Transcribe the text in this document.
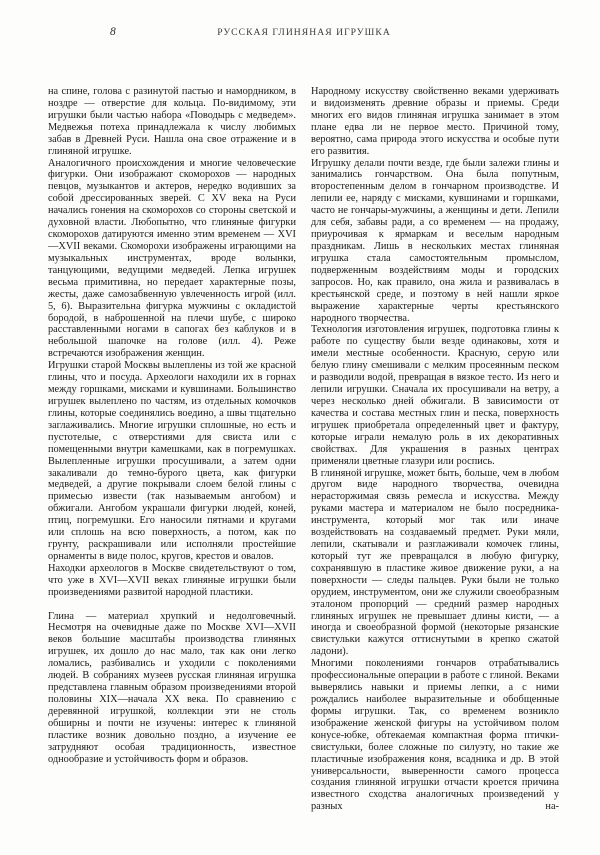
8	РУССКАЯ ГЛИНЯНАЯ ИГРУШКА

на спине, голова с разинутой пастью и намордником, в ноздре — отверстие для кольца. По-видимому, эти игрушки были частью набора «Поводырь с медведем». Медвежья потеха принадлежала к числу любимых забав в Древней Руси. Нашла она свое отражение и в глиняной игрушке.

Аналогичного происхождения и многие человеческие фигурки. Они изображают скоморохов — народных певцов, музыкантов и актеров, нередко водивших за собой дрессированных зверей. С XV века на Руси начались гонения на скоморохов со стороны светской и духовной власти. Любопытно, что глиняные фигурки скоморохов датируются именно этим временем — XVI—XVII веками. Скоморохи изображены играющими на музыкальных инструментах, вроде волынки, танцующими, ведущими медведей. Лепка игрушек весьма примитивна, но передает характерные позы, жесты, даже самозабвенную увлеченность игрой (илл. 5, 6). Выразительна фигурка мужчины с окладистой бородой, в наброшенной на плечи шубе, с широко расставленными ногами в сапогах без каблуков и в небольшой шапочке на голове (илл. 4). Реже встречаются изображения женщин.

Игрушки старой Москвы вылеплены из той же красной глины, что и посуда. Археологи находили их в горнах между горшками, мисками и кувшинами. Большинство игрушек вылеплено по частям, из отдельных комочков глины, которые соединялись воедино, а швы тщательно заглаживались. Многие игрушки сплошные, но есть и пустотелые, с отверстиями для свиста или с помещенными внутри камешками, как в погремушках. Вылепленные игрушки просушивали, а затем одни закаливали до темно-бурого цвета, как фигурки медведей, а другие покрывали слоем белой глины с примесью извести (так называемым ангобом) и обжигали. Ангобом украшали фигурки людей, коней, птиц, погремушки. Его наносили пятнами и кругами или сплошь на всю поверхность, а потом, как по грунту, раскрашивали или исполняли простейшие орнаменты в виде полос, кругов, крестов и овалов.

Находки археологов в Москве свидетельствуют о том, что уже в XVI—XVII веках глиняные игрушки были произведениями развитой народной пластики.

Глина — материал хрупкий и недолговечный. Несмотря на очевидные даже по Москве XVI—XVII веков большие масштабы производства глиняных игрушек, их дошло до нас мало, так как они легко ломались, разбивались и уходили с поколениями людей. В собраниях музеев русская глиняная игрушка представлена главным образом произведениями второй половины XIX—начала XX века. По сравнению с деревянной игрушкой, коллекции эти не столь обширны и почти не изучены: интерес к глиняной пластике возник довольно поздно, а изучение ее затрудняют особая традиционность, известное однообразие и устойчивость форм и образов.

Народному искусству свойственно веками удерживать и видоизменять древние образы и приемы. Среди многих его видов глиняная игрушка занимает в этом плане едва ли не первое место. Причиной тому, вероятно, сама природа этого искусства и особые пути его развития.

Игрушку делали почти везде, где были залежи глины и занимались гончарством. Она была попутным, второстепенным делом в гончарном производстве. И лепили ее, наряду с мисками, кувшинами и горшками, часто не гончары-мужчины, а женщины и дети. Лепили для себя, забавы ради, а со временем — на продажу, приурочивая к ярмаркам и веселым народным праздникам. Лишь в нескольких местах глиняная игрушка стала самостоятельным промыслом, подверженным воздействиям моды и городских запросов. Но, как правило, она жила и развивалась в крестьянской среде, и поэтому в ней нашли яркое выражение характерные черты крестьянского народного творчества.

Технология изготовления игрушек, подготовка глины к работе по существу были везде одинаковы, хотя и имели местные особенности. Красную, серую или белую глину смешивали с мелким просеянным песком и разводили водой, превращая в вязкое тесто. Из него и лепили игрушки. Сначала их просушивали на ветру, а через несколько дней обжигали. В зависимости от качества и состава местных глин и песка, поверхность игрушек приобретала определенный цвет и фактуру, которые играли немалую роль в их декоративных свойствах. Для украшения в разных центрах применяли цветные глазури или роспись.

В глиняной игрушке, может быть, больше, чем в любом другом виде народного творчества, очевидна нерасторжимая связь ремесла и искусства. Между руками мастера и материалом не было посредника-инструмента, который мог так или иначе воздействовать на создаваемый предмет. Руки мяли, лепили, скатывали и разглаживали комочек глины, который тут же превращался в любую фигурку, сохранявшую в пластике живое движение руки, а на поверхности — следы пальцев. Руки были не только орудием, инструментом, они же служили своеобразным эталоном пропорций — средний размер народных глиняных игрушек не превышает длины кисти, — а иногда и своеобразной формой (некоторые рязанские свистульки кажутся оттиснутыми в крепко сжатой ладони).

Многими поколениями гончаров отрабатывались профессиональные операции в работе с глиной. Веками выверялись навыки и приемы лепки, а с ними рождались наиболее выразительные и обобщенные формы игрушки. Так, со временем возникло изображение женской фигуры на устойчивом полом конусе-юбке, обтекаемая компактная форма птички-свистульки, более сложные по силуэту, но такие же пластичные изображения коня, всадника и др. В этой универсальности, выверенности самого процесса создания глиняной игрушки отчасти кроется причина известного сходства аналогичных произведений у разных на-
